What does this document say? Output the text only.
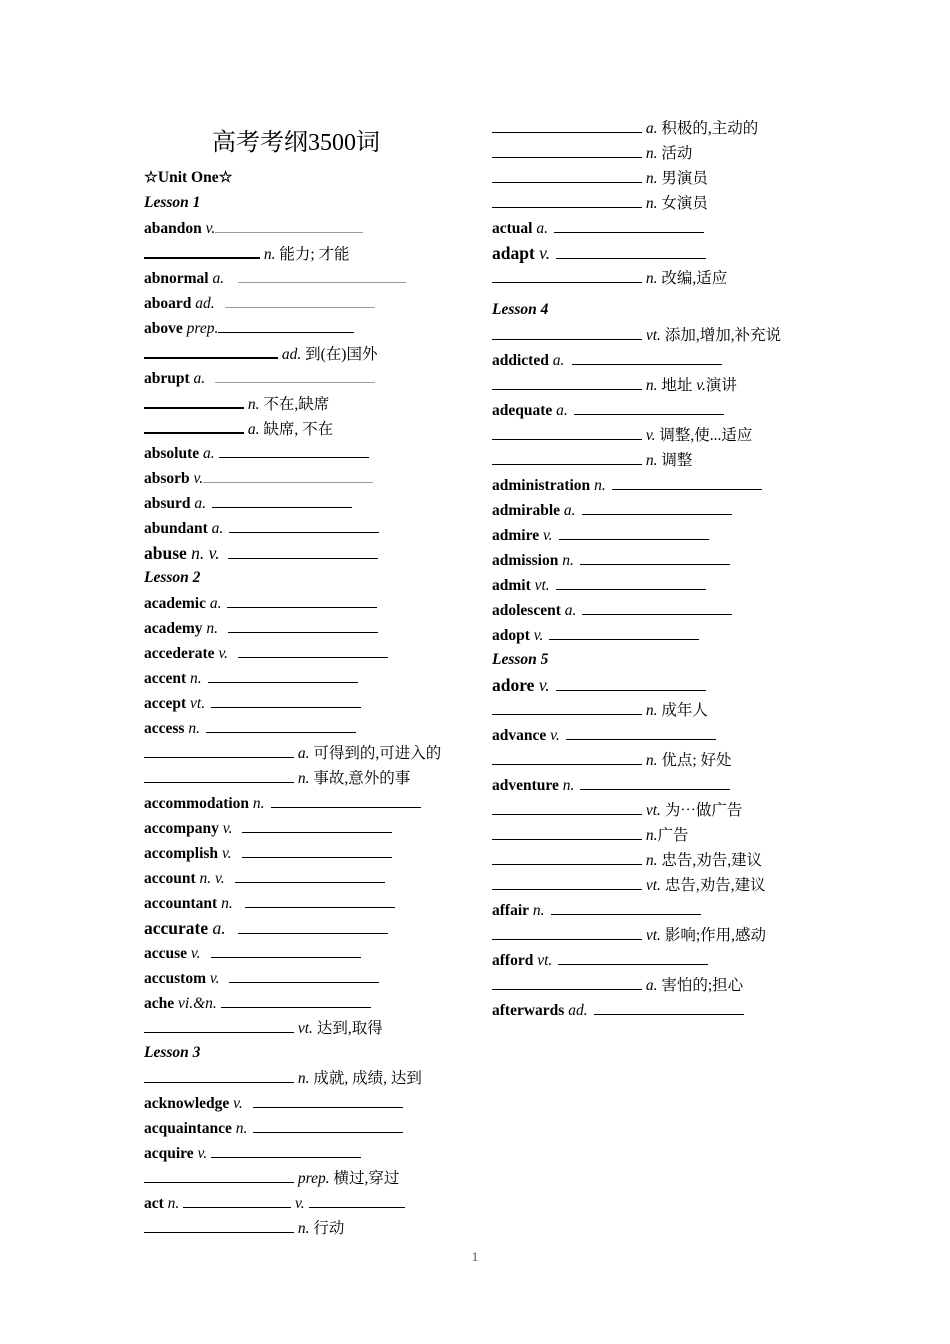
高考考纲3500词
☆Unit One☆
Lesson 1
abandon v.
n. 能力; 才能
abnormal a.
aboard ad.
above prep.
ad. 到(在)国外
abrupt a.
n. 不在,缺席
a. 缺席, 不在
absolute a.
absorb v.
absurd a.
abundant a.
abuse n. v.
Lesson 2
academic a.
academy n.
accederate v.
accent n.
accept vt.
access n.
a. 可得到的,可进入的
n. 事故,意外的事
accommodation n.
accompany v.
accomplish v.
account n. v.
accountant n.
accurate a.
accuse v.
accustom v.
ache vi.&n.
vt. 达到,取得
Lesson 3
n. 成就, 成绩, 达到
acknowledge v.
acquaintance n.
acquire v.
prep. 横过,穿过
act n.	v.
n. 行动
a. 积极的,主动的
n. 活动
n. 男演员
n. 女演员
actual a.
adapt v.
n. 改编,适应
Lesson 4
vt. 添加,增加,补充说
addicted a.
n. 地址 v.演讲
adequate a.
v. 调整,使...适应
n. 调整
administration n.
admirable a.
admire v.
admission n.
admit vt.
adolescent a.
adopt v.
Lesson 5
adore v.
n. 成年人
advance v.
n. 优点; 好处
adventure n.
vt. 为⋯做广告
n.广告
n. 忠告,劝告,建议
vt. 忠告,劝告,建议
affair n.
vt. 影响;作用,感动
afford vt.
a. 害怕的;担心
afterwards ad.
1
